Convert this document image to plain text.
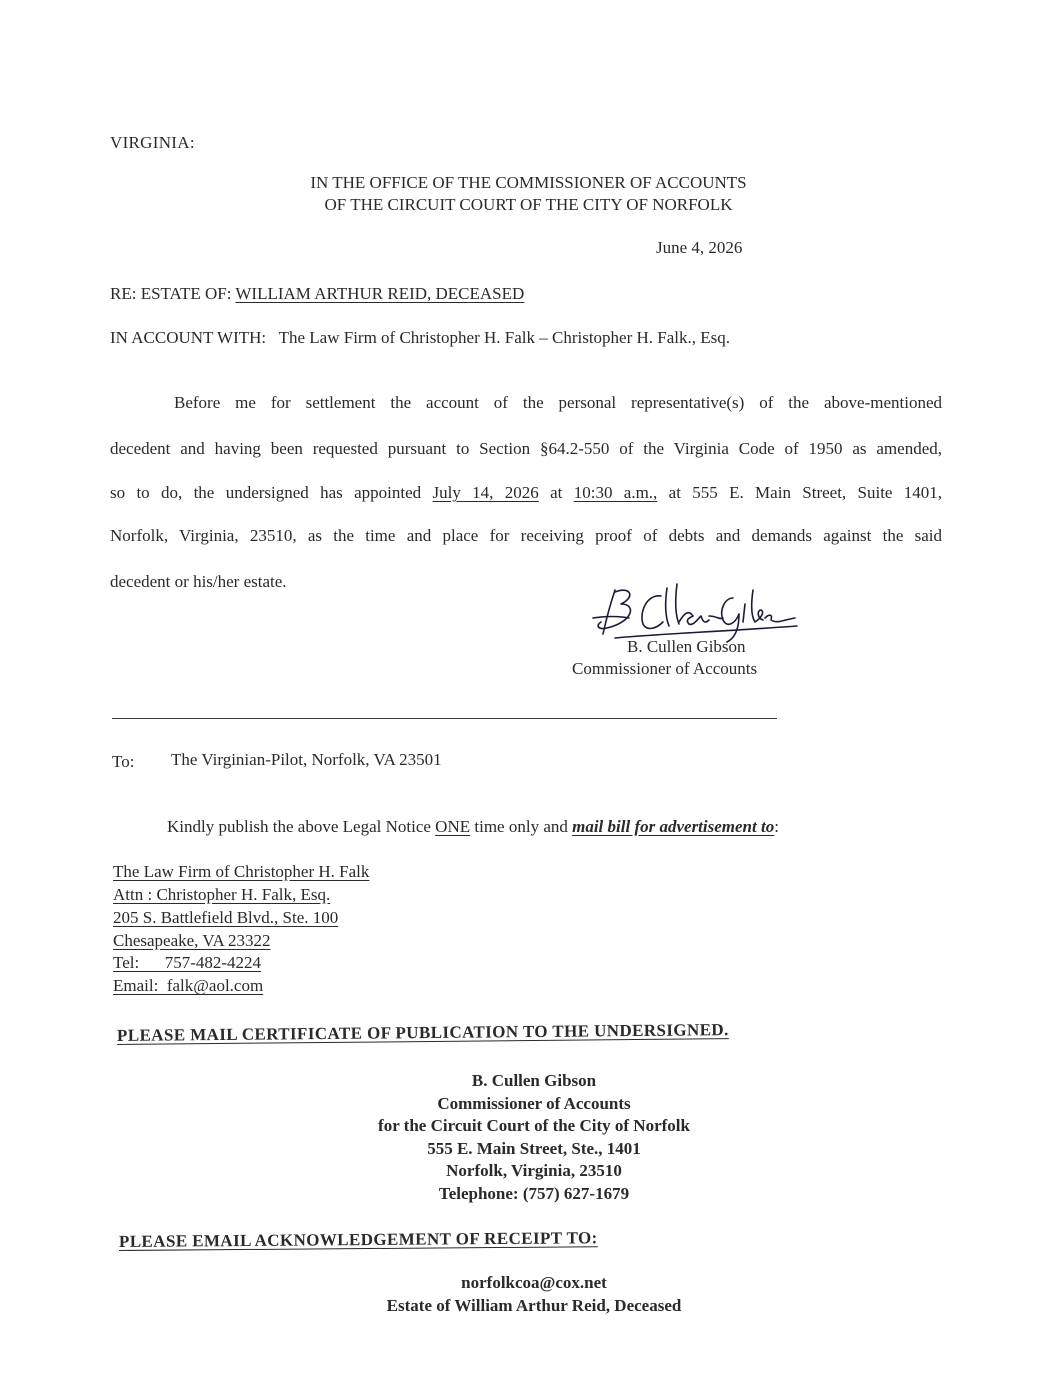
VIRGINIA:
IN THE OFFICE OF THE COMMISSIONER OF ACCOUNTS
OF THE CIRCUIT COURT OF THE CITY OF NORFOLK
June 4, 2026
RE: ESTATE OF: WILLIAM ARTHUR REID, DECEASED
IN ACCOUNT WITH: The Law Firm of Christopher H. Falk – Christopher H. Falk., Esq.
Before me for settlement the account of the personal representative(s) of the above-mentioned
decedent and having been requested pursuant to Section §64.2-550 of the Virginia Code of 1950 as amended,
so to do, the undersigned has appointed July 14, 2026 at 10:30 a.m., at 555 E. Main Street, Suite 1401,
Norfolk, Virginia, 23510, as the time and place for receiving proof of debts and demands against the said
decedent or his/her estate.
B. Cullen Gibson
Commissioner of Accounts
To: The Virginian-Pilot, Norfolk, VA 23501
Kindly publish the above Legal Notice ONE time only and mail bill for advertisement to:
The Law Firm of Christopher H. Falk
Attn : Christopher H. Falk, Esq.
205 S. Battlefield Blvd., Ste. 100
Chesapeake, VA 23322
Tel:      757-482-4224
Email:  falk@aol.com
PLEASE MAIL CERTIFICATE OF PUBLICATION TO THE UNDERSIGNED.
B. Cullen Gibson
Commissioner of Accounts
for the Circuit Court of the City of Norfolk
555 E. Main Street, Ste., 1401
Norfolk, Virginia, 23510
Telephone: (757) 627-1679
PLEASE EMAIL ACKNOWLEDGEMENT OF RECEIPT TO:
norfolkcoa@cox.net
Estate of William Arthur Reid, Deceased
